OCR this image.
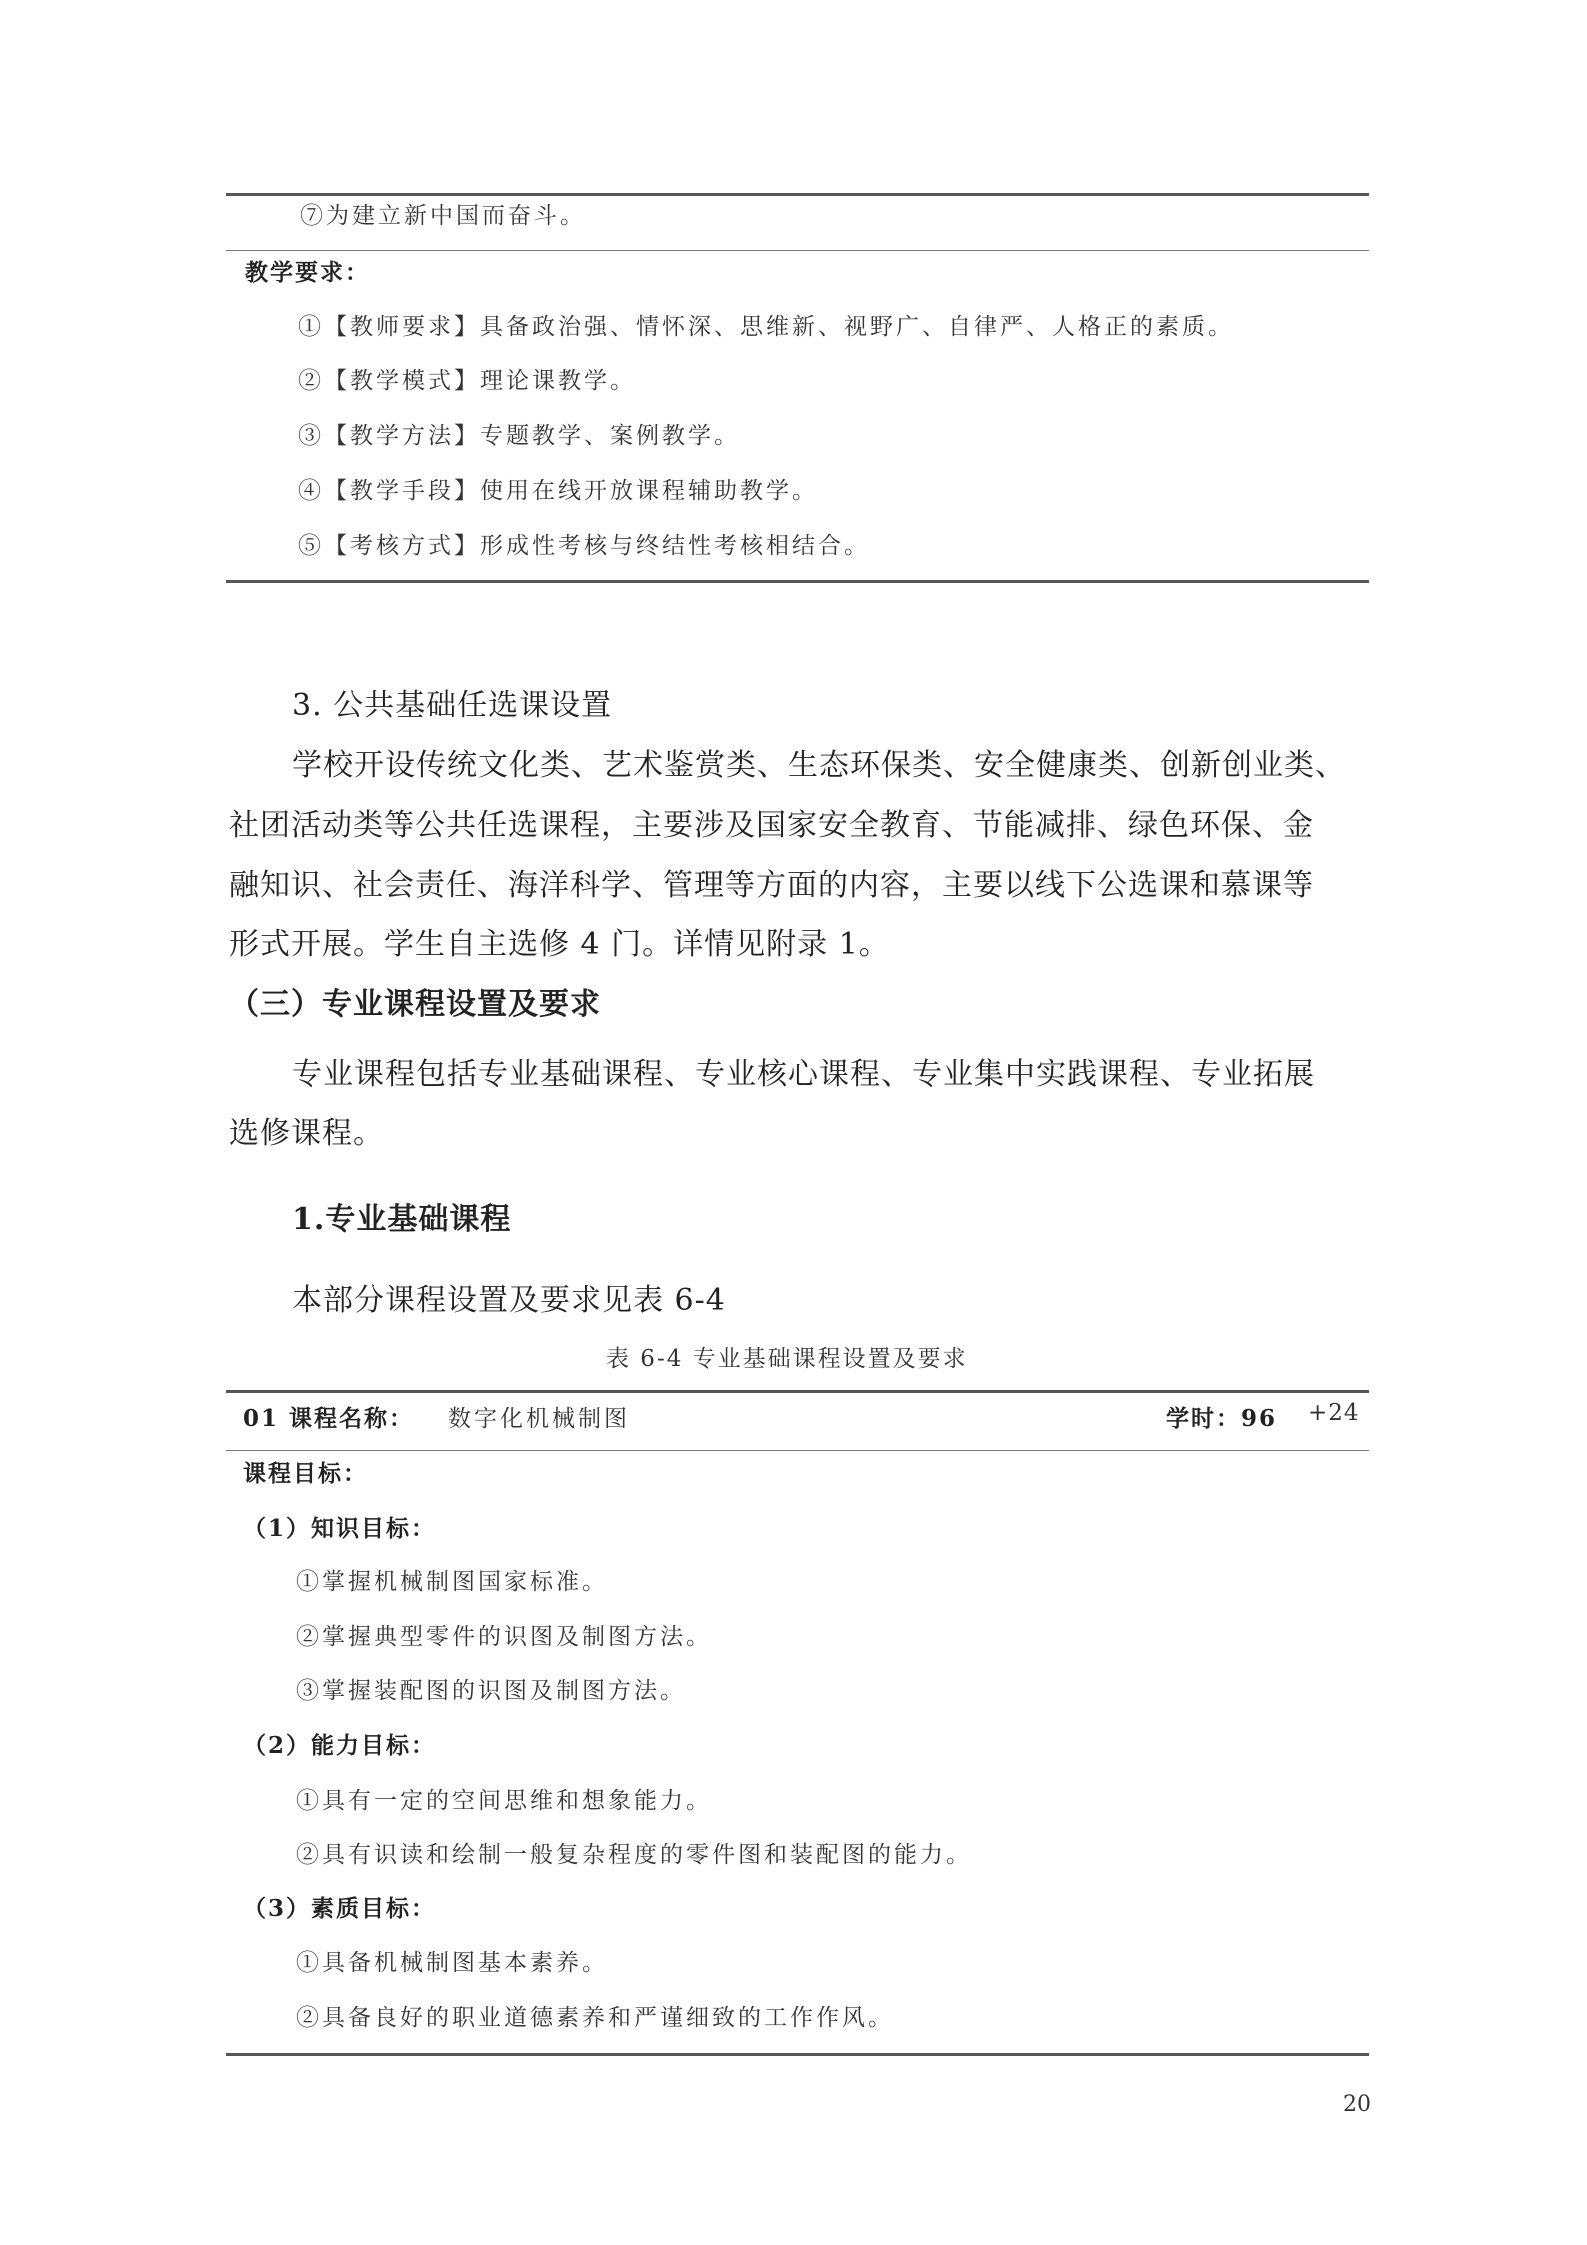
⑦为建立新中国而奋斗。
教学要求：
①【教师要求】具备政治强、情怀深、思维新、视野广、自律严、人格正的素质。
②【教学模式】理论课教学。
③【教学方法】专题教学、案例教学。
④【教学手段】使用在线开放课程辅助教学。
⑤【考核方式】形成性考核与终结性考核相结合。
3. 公共基础任选课设置
学校开设传统文化类、艺术鉴赏类、生态环保类、安全健康类、创新创业类、
社团活动类等公共任选课程，主要涉及国家安全教育、节能减排、绿色环保、金
融知识、社会责任、海洋科学、管理等方面的内容，主要以线下公选课和慕课等
形式开展。学生自主选修 4 门。详情见附录 1。
（三）专业课程设置及要求
专业课程包括专业基础课程、专业核心课程、专业集中实践课程、专业拓展
选修课程。
1.专业基础课程
本部分课程设置及要求见表 6-4
表 6-4 专业基础课程设置及要求
01 课程名称： 数字化机械制图	学时：96 +24
课程目标：
（1）知识目标：
①掌握机械制图国家标准。
②掌握典型零件的识图及制图方法。
③掌握装配图的识图及制图方法。
（2）能力目标：
①具有一定的空间思维和想象能力。
②具有识读和绘制一般复杂程度的零件图和装配图的能力。
（3）素质目标：
①具备机械制图基本素养。
②具备良好的职业道德素养和严谨细致的工作作风。
20
